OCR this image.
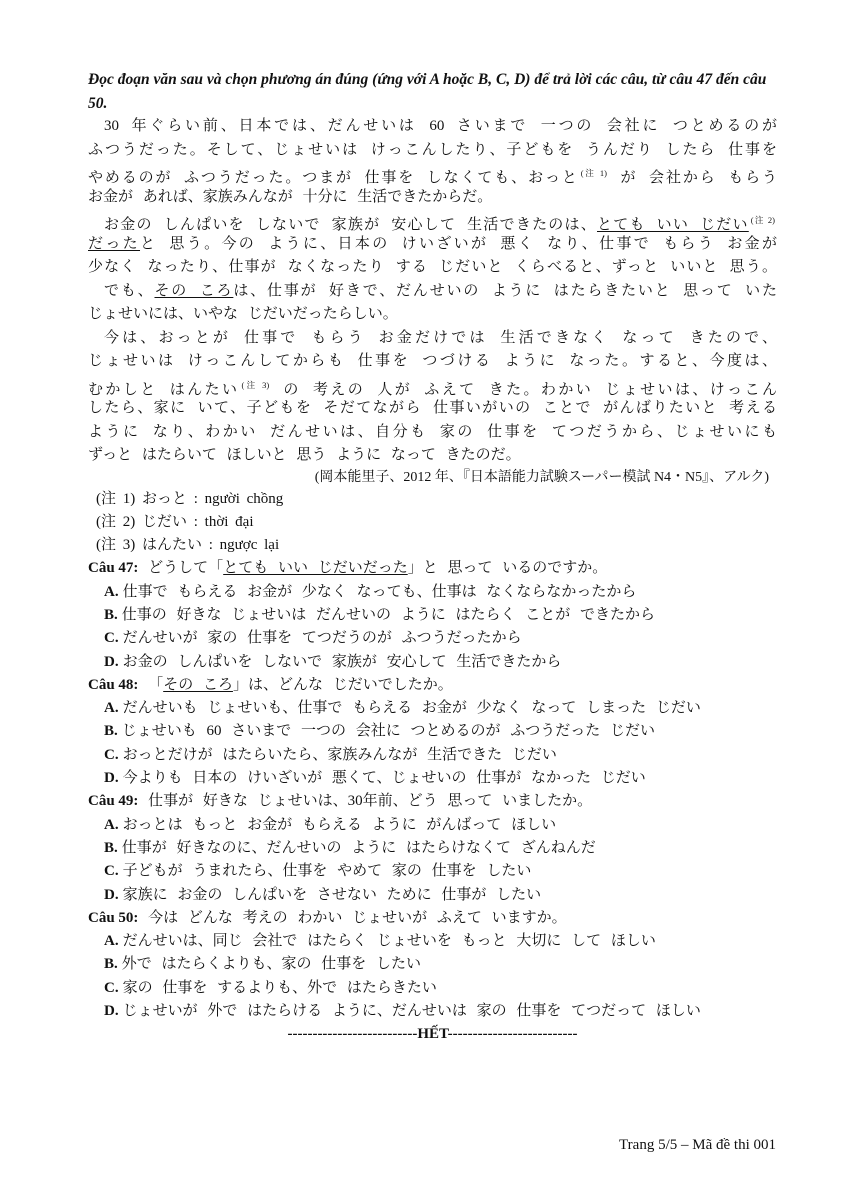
Đọc đoạn văn sau và chọn phương án đúng (ứng với A hoặc B, C, D) để trả lời các câu, từ câu 47 đến câu 50.
30 年ぐらい前、日本では、だんせいは 60 さいまで 一つの 会社に つとめるのが
ふつうだった。そして、じょせいは けっこんしたり、子どもを うんだり したら 仕事を
やめるのが ふつうだった。つまが 仕事を しなくても、おっと $^{(注 1)}$ が 会社から もらう
お金が あれば、家族みんなが 十分に 生活できたからだ。
お金の しんぱいを しないで 家族が 安心して 生活できたのは、とても いい じだい $^{(注 2)}$
だったと 思う。今の ように、日本の けいざいが 悪く なり、仕事で もらう お金が
少なく なったり、仕事が なくなったり する じだいと くらべると、ずっと いいと 思う。
でも、その ころは、仕事が 好きで、だんせいの ように はたらきたいと 思って いた
じょせいには、いやな じだいだったらしい。
今は、おっとが 仕事で もらう お金だけでは 生活できなく なって きたので、
じょせいは けっこんしてからも 仕事を つづける ように なった。すると、今度は、
むかしと はんたい $^{(注 3)}$ の 考えの 人が ふえて きた。わかい じょせいは、けっこん
したら、家に いて、子どもを そだてながら 仕事いがいの ことで がんばりたいと 考える
ように なり、わかい だんせいは、自分も 家の 仕事を てつだうから、じょせいにも
ずっと はたらいて ほしいと 思う ように なって きたのだ。
(岡本能里子、2012 年、『日本語能力試験スーパー模試 N4・N5』、アルク)
(注 1) おっと : người chồng
(注 2) じだい : thời đại
(注 3) はんたい : ngược lại
Câu 47: どうして「とても いい じだいだった」と 思って いるのですか。
A. 仕事で もらえる お金が 少なく なっても、仕事は なくならなかったから
B. 仕事の 好きな じょせいは だんせいの ように はたらく ことが できたから
C. だんせいが 家の 仕事を てつだうのが ふつうだったから
D. お金の しんぱいを しないで 家族が 安心して 生活できたから
Câu 48: 「その ころ」は、どんな じだいでしたか。
A. だんせいも じょせいも、仕事で もらえる お金が 少なく なって しまった じだい
B. じょせいも 60 さいまで 一つの 会社に つとめるのが ふつうだった じだい
C. おっとだけが はたらいたら、家族みんなが 生活できた じだい
D. 今よりも 日本の けいざいが 悪くて、じょせいの 仕事が なかった じだい
Câu 49: 仕事が 好きな じょせいは、30年前、どう 思って いましたか。
A. おっとは もっと お金が もらえる ように がんばって ほしい
B. 仕事が 好きなのに、だんせいの ように はたらけなくて ざんねんだ
C. 子どもが うまれたら、仕事を やめて 家の 仕事を したい
D. 家族に お金の しんぱいを させない ために 仕事が したい
Câu 50: 今は どんな 考えの わかい じょせいが ふえて いますか。
A. だんせいは、同じ 会社で はたらく じょせいを もっと 大切に して ほしい
B. 外で はたらくよりも、家の 仕事を したい
C. 家の 仕事を するよりも、外で はたらきたい
D. じょせいが 外で はたらける ように、だんせいは 家の 仕事を てつだって ほしい
--------------------------HẾT--------------------------
Trang 5/5 – Mã đề thi 001
